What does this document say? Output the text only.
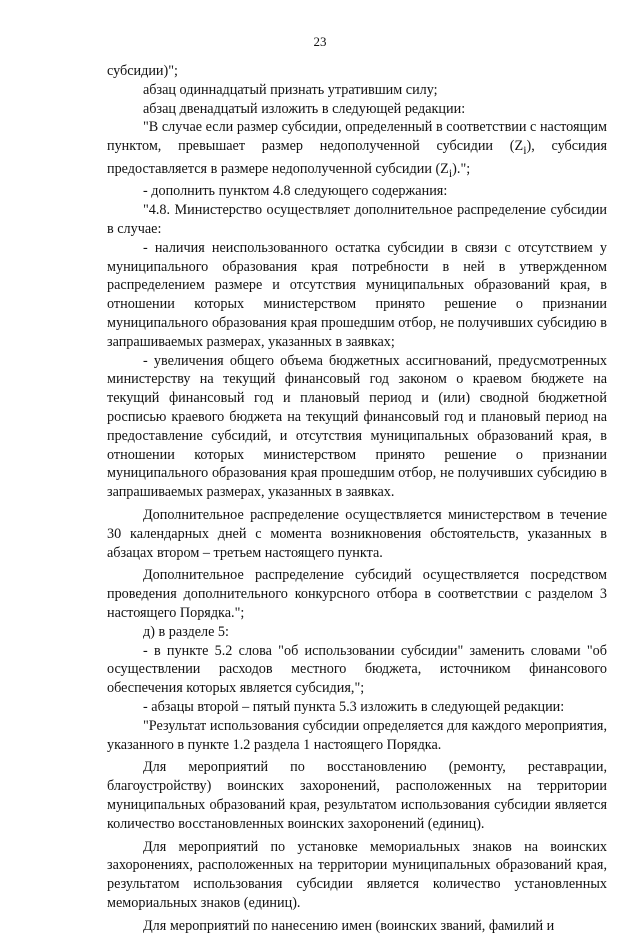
23

субсидии)";

абзац одиннадцатый признать утратившим силу;

абзац двенадцатый изложить в следующей редакции:

"В случае если размер субсидии, определенный в соответствии с настоящим пунктом, превышает размер недополученной субсидии $(Z_i)$, субсидия предоставляется в размере недополученной субсидии $(Z_i)$.";

- дополнить пунктом 4.8 следующего содержания:

"4.8. Министерство осуществляет дополнительное распределение субсидии в случае:

- наличия неиспользованного остатка субсидии в связи с отсутствием у муниципального образования края потребности в ней в утвержденном распределением размере и отсутствия муниципальных образований края, в отношении которых министерством принято решение о признании муниципального образования края прошедшим отбор, не получивших субсидию в запрашиваемых размерах, указанных в заявках;

- увеличения общего объема бюджетных ассигнований, предусмотренных министерству на текущий финансовый год законом о краевом бюджете на текущий финансовый год и плановый период и (или) сводной бюджетной росписью краевого бюджета на текущий финансовый год и плановый период на предоставление субсидий, и отсутствия муниципальных образований края, в отношении которых министерством принято решение о признании муниципального образования края прошедшим отбор, не получивших субсидию в запрашиваемых размерах, указанных в заявках.

Дополнительное распределение осуществляется министерством в течение 30 календарных дней с момента возникновения обстоятельств, указанных в абзацах втором – третьем настоящего пункта.

Дополнительное распределение субсидий осуществляется посредством проведения дополнительного конкурсного отбора в соответствии с разделом 3 настоящего Порядка.";

д) в разделе 5:

- в пункте 5.2 слова "об использовании субсидии" заменить словами "об осуществлении расходов местного бюджета, источником финансового обеспечения которых является субсидия,";

- абзацы второй – пятый пункта 5.3 изложить в следующей редакции:

"Результат использования субсидии определяется для каждого мероприятия, указанного в пункте 1.2 раздела 1 настоящего Порядка.

Для мероприятий по восстановлению (ремонту, реставрации, благоустройству) воинских захоронений, расположенных на территории муниципальных образований края, результатом использования субсидии является количество восстановленных воинских захоронений (единиц).

Для мероприятий по установке мемориальных знаков на воинских захоронениях, расположенных на территории муниципальных образований края, результатом использования субсидии является количество установленных мемориальных знаков (единиц).

Для мероприятий по нанесению имен (воинских званий, фамилий и
